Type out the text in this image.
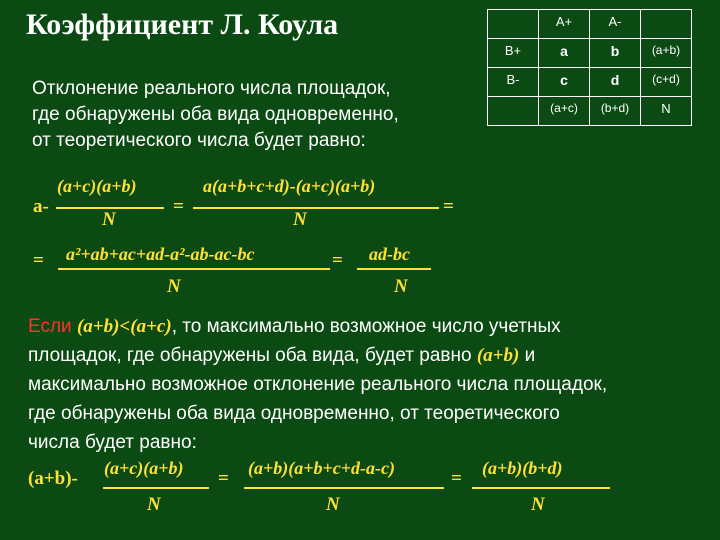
Коэффициент Л. Коула
Отклонение реального числа площадок,
где обнаружены оба вида одновременно,
от теоретического числа будет равно:
	A+	A-	
B+	a	b	(a+b)
B-	c	d	(c+d)
	(a+c)	(b+d)	N
a-
(a+c)(a+b)
N
=
a(a+b+c+d)-(a+c)(a+b)
N
=
= a²+ab+ac+ad-a²-ab-ac-bc
N
= ad-bc
N
Если (a+b)<(a+c), то максимально возможное число учетных
площадок, где обнаружены оба вида, будет равно (a+b) и
максимально возможное отклонение реального числа площадок,
где обнаружены оба вида одновременно, от теоретического
числа будет равно:
(a+b)- (a+c)(a+b)
N
= (a+b)(a+b+c+d-a-c)
N
= (a+b)(b+d)
N
